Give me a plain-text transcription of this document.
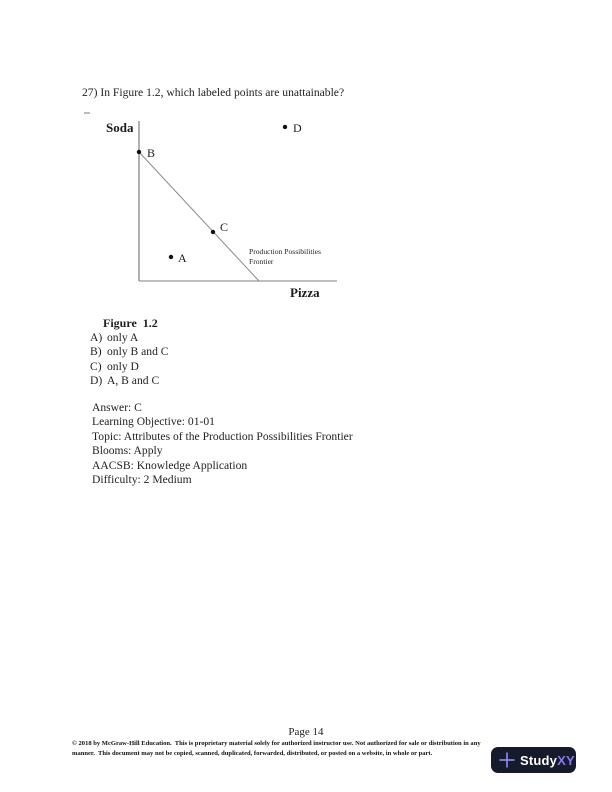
27) In Figure 1.2, which labeled points are unattainable?
Soda
Pizza
A
B
C
D
Production Possibilities
Frontier
Figure  1.2
A) only A
B) only B and C
C) only D
D) A, B and C
Answer: C
Learning Objective: 01-01
Topic: Attributes of the Production Possibilities Frontier
Blooms: Apply
AACSB: Knowledge Application
Difficulty: 2 Medium
Page 14
© 2018 by McGraw-Hill Education.  This is proprietary material solely for authorized instructor use. Not authorized for sale or distribution in any
manner.  This document may not be copied, scanned, duplicated, forwarded, distributed, or posted on a website, in whole or part.	StudyXY
